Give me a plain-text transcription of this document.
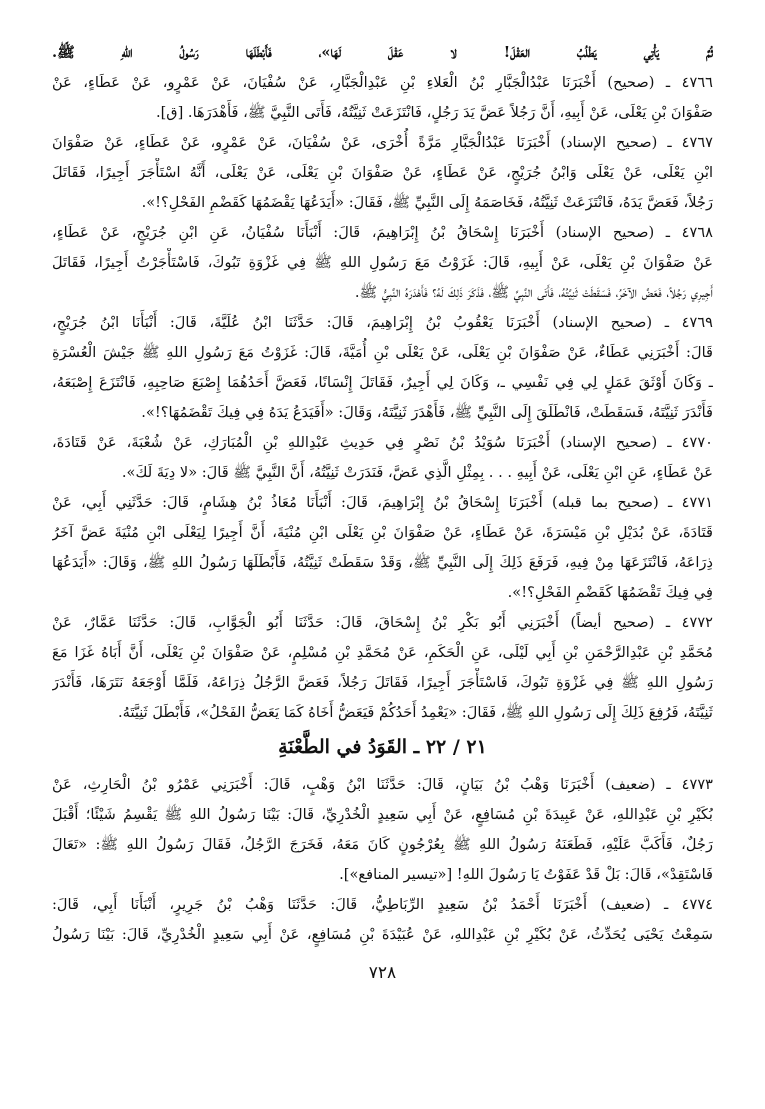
ثُمَّ يَأْتِي يَطْلُبُ العَقْلَ! لا عَقْلَ لَهَا»، فَأَبْطَلَهَا رَسُولُ اللهِ ﷺ.
٤٧٦٦ ـ (صحيح) أَخْبَرَنَا عَبْدُالْجَبَّارِ بْنُ الْعَلاءِ بْنِ عَبْدِالْجَبَّارِ، عَنْ سُفْيَانَ، عَنْ عَمْرٍو، عَنْ عَطَاءٍ، عَنْ
صَفْوَانَ بْنِ يَعْلَى، عَنْ أَبِيهِ، أَنَّ رَجُلاً عَضَّ يَدَ رَجُلٍ، فَانْتَزَعَتْ ثَنِيَّتُهُ، فَأَتَى النَّبِيَّ ﷺ، فَأَهْدَرَهَا. [ق].
٤٧٦٧ ـ (صحيح الإسناد) أَخْبَرَنَا عَبْدُالْجَبَّارِ مَرَّةً أُخْرَى، عَنْ سُفْيَانَ، عَنْ عَمْرٍو، عَنْ عَطَاءٍ، عَنْ صَفْوَانَ
ابْنِ يَعْلَى، عَنْ يَعْلَى وَابْنُ جُرَيْجٍ، عَنْ عَطَاءٍ، عَنْ صَفْوَانَ بْنِ يَعْلَى، عَنْ يَعْلَى، أَنَّهُ اسْتَأْجَرَ أَجِيرًا، فَقَاتَلَ
رَجُلاً، فَعَضَّ يَدَهُ، فَانْتَزَعَتْ ثَنِيَّتُهُ، فَخَاصَمَهُ إِلَى النَّبِيِّ ﷺ، فَقَالَ: «أَيَدَعُهَا يَقْضَمُهَا كَقَضْمِ الفَحْلِ؟!».
٤٧٦٨ ـ (صحيح الإسناد) أَخْبَرَنَا إِسْحَاقُ بْنُ إِبْرَاهِيمَ، قَالَ: أَنْبَأَنَا سُفْيَانُ، عَنِ ابْنِ جُرَيْجٍ، عَنْ عَطَاءٍ،
عَنْ صَفْوَانَ بْنِ يَعْلَى، عَنْ أَبِيهِ، قَالَ: غَزَوْتُ مَعَ رَسُولِ اللهِ ﷺ فِي غَزْوَةِ تَبُوكَ، فَاسْتَأْجَرْتُ أَجِيرًا، فَقَاتَلَ
أَجِيرِي رَجُلاً، فَعَضَّ الآخَرُ، فَسَقَطَتْ ثَنِيَّتُهُ، فَأَتَى النَّبِيَّ ﷺ، فَذَكَرَ ذَلِكَ لَهُ؟ فَأَهْدَرَهُ النَّبِيُّ ﷺ.
٤٧٦٩ ـ (صحيح الإسناد) أَخْبَرَنَا يَعْقُوبُ بْنُ إِبْرَاهِيمَ، قَالَ: حَدَّثَنَا ابْنُ عُلَيَّةَ، قَالَ: أَنْبَأَنَا ابْنُ جُرَيْجٍ،
قَالَ: أَخْبَرَنِي عَطَاءٌ، عَنْ صَفْوَانَ بْنِ يَعْلَى، عَنْ يَعْلَى بْنِ أُمَيَّةَ، قَالَ: غَزَوْتُ مَعَ رَسُولِ اللهِ ﷺ جَيْشَ الْعُسْرَةِ
ـ وَكَانَ أَوْثَقَ عَمَلٍ لِي فِي نَفْسِي ـ، وَكَانَ لِي أَجِيرٌ، فَقَاتَلَ إِنْسَانًا، فَعَضَّ أَحَدُهُمَا إِصْبَعَ صَاحِبِهِ، فَانْتَزَعَ إِصْبَعَهُ،
فَأَنْدَرَ ثَنِيَّتَهُ، فَسَقَطَتْ، فَانْطَلَقَ إِلَى النَّبِيِّ ﷺ، فَأَهْدَرَ ثَنِيَّتَهُ، وَقَالَ: «أَفَيَدَعُ يَدَهُ فِي فِيكَ تَقْضَمُهَا؟!».
٤٧٧٠ ـ (صحيح الإسناد) أَخْبَرَنَا سُوَيْدُ بْنُ نَصْرٍ فِي حَدِيثِ عَبْدِاللهِ بْنِ الْمُبَارَكِ، عَنْ شُعْبَةَ، عَنْ قَتَادَةَ،
عَنْ عَطَاءٍ، عَنِ ابْنِ يَعْلَى، عَنْ أَبِيهِ . . . بِمِثْلِ الَّذِي عَضَّ، فَنَدَرَتْ ثَنِيَّتُهُ، أَنَّ النَّبِيَّ ﷺ قَالَ: «لا دِيَةَ لَكَ».
٤٧٧١ ـ (صحيح بما قبله) أَخْبَرَنَا إِسْحَاقُ بْنُ إِبْرَاهِيمَ، قَالَ: أَنْبَأَنَا مُعَاذُ بْنُ هِشَامٍ، قَالَ: حَدَّثَنِي أَبِي، عَنْ
قَتَادَةَ، عَنْ بُدَيْلِ بْنِ مَيْسَرَةَ، عَنْ عَطَاءٍ، عَنْ صَفْوَانَ بْنِ يَعْلَى ابْنِ مُنْيَةَ، أَنَّ أَجِيرًا لِيَعْلَى ابْنِ مُنْيَةَ عَضَّ آخَرُ
ذِرَاعَهُ، فَانْتَزَعَهَا مِنْ فِيهِ، فَرَفَعَ ذَلِكَ إِلَى النَّبِيِّ ﷺ، وَقَدْ سَقَطَتْ ثَنِيَّتُهُ، فَأَبْطَلَهَا رَسُولُ اللهِ ﷺ، وَقَالَ: «أَيَدَعُهَا
فِي فِيكَ تَقْضَمُهَا كَقَضْمِ الفَحْلِ؟!».
٤٧٧٢ ـ (صحيح أيضاً) أَخْبَرَنِي أَبُو بَكْرِ بْنُ إِسْحَاقَ، قَالَ: حَدَّثَنَا أَبُو الْجَوَّابِ، قَالَ: حَدَّثَنَا عَمَّارٌ، عَنْ
مُحَمَّدِ بْنِ عَبْدِالرَّحْمَنِ بْنِ أَبِي لَيْلَى، عَنِ الْحَكَمِ، عَنْ مُحَمَّدِ بْنِ مُسْلِمٍ، عَنْ صَفْوَانَ بْنِ يَعْلَى، أَنَّ أَبَاهُ غَزَا مَعَ
رَسُولِ اللهِ ﷺ فِي غَزْوَةِ تَبُوكَ، فَاسْتَأْجَرَ أَجِيرًا، فَقَاتَلَ رَجُلاً، فَعَضَّ الرَّجُلُ ذِرَاعَهُ، فَلَمَّا أَوْجَعَهُ نَتَرَهَا، فَأَنْدَرَ
ثَنِيَّتَهُ، فَرُفِعَ ذَلِكَ إِلَى رَسُولِ اللهِ ﷺ، فَقَالَ: «يَعْمِدُ أَحَدُكُمْ فَيَعَضُّ أَخَاهُ كَمَا يَعَضُّ الفَحْلُ»، فَأَبْطَلَ ثَنِيَّتَهُ.
٢١ / ٢٢ ـ القَوَدُ في الطَّعْنَةِ
٤٧٧٣ ـ (ضعيف) أَخْبَرَنَا وَهْبُ بْنُ بَيَانٍ، قَالَ: حَدَّثَنَا ابْنُ وَهْبٍ، قَالَ: أَخْبَرَنِي عَمْرُو بْنُ الْحَارِثِ، عَنْ
بُكَيْرِ بْنِ عَبْدِاللهِ، عَنْ عَبِيدَةَ بْنِ مُسَافِعٍ، عَنْ أَبِي سَعِيدٍ الْخُدْرِيِّ، قَالَ: بَيْنَا رَسُولُ اللهِ ﷺ يَقْسِمُ شَيْئًا؛ أَقْبَلَ
رَجُلٌ، فَأَكَبَّ عَلَيْهِ، فَطَعَنَهُ رَسُولُ اللهِ ﷺ بِعُرْجُونٍ كَانَ مَعَهُ، فَخَرَجَ الرَّجُلُ، فَقَالَ رَسُولُ اللهِ ﷺ: «تَعَالَ
فَاسْتَقِدْ»، قَالَ: بَلْ قَدْ عَفَوْتُ يَا رَسُولَ اللهِ! [«تيسير المنافع»].
٤٧٧٤ ـ (ضعيف) أَخْبَرَنَا أَحْمَدُ بْنُ سَعِيدٍ الرِّبَاطِيُّ، قَالَ: حَدَّثَنَا وَهْبُ بْنُ جَرِيرٍ، أَنْبَأَنَا أَبِي، قَالَ:
سَمِعْتُ يَحْيَى يُحَدِّثُ، عَنْ بُكَيْرِ بْنِ عَبْدِاللهِ، عَنْ عُبَيْدَةَ بْنِ مُسَافِعٍ، عَنْ أَبِي سَعِيدٍ الْخُدْرِيِّ، قَالَ: بَيْنَا رَسُولُ
٧٢٨
